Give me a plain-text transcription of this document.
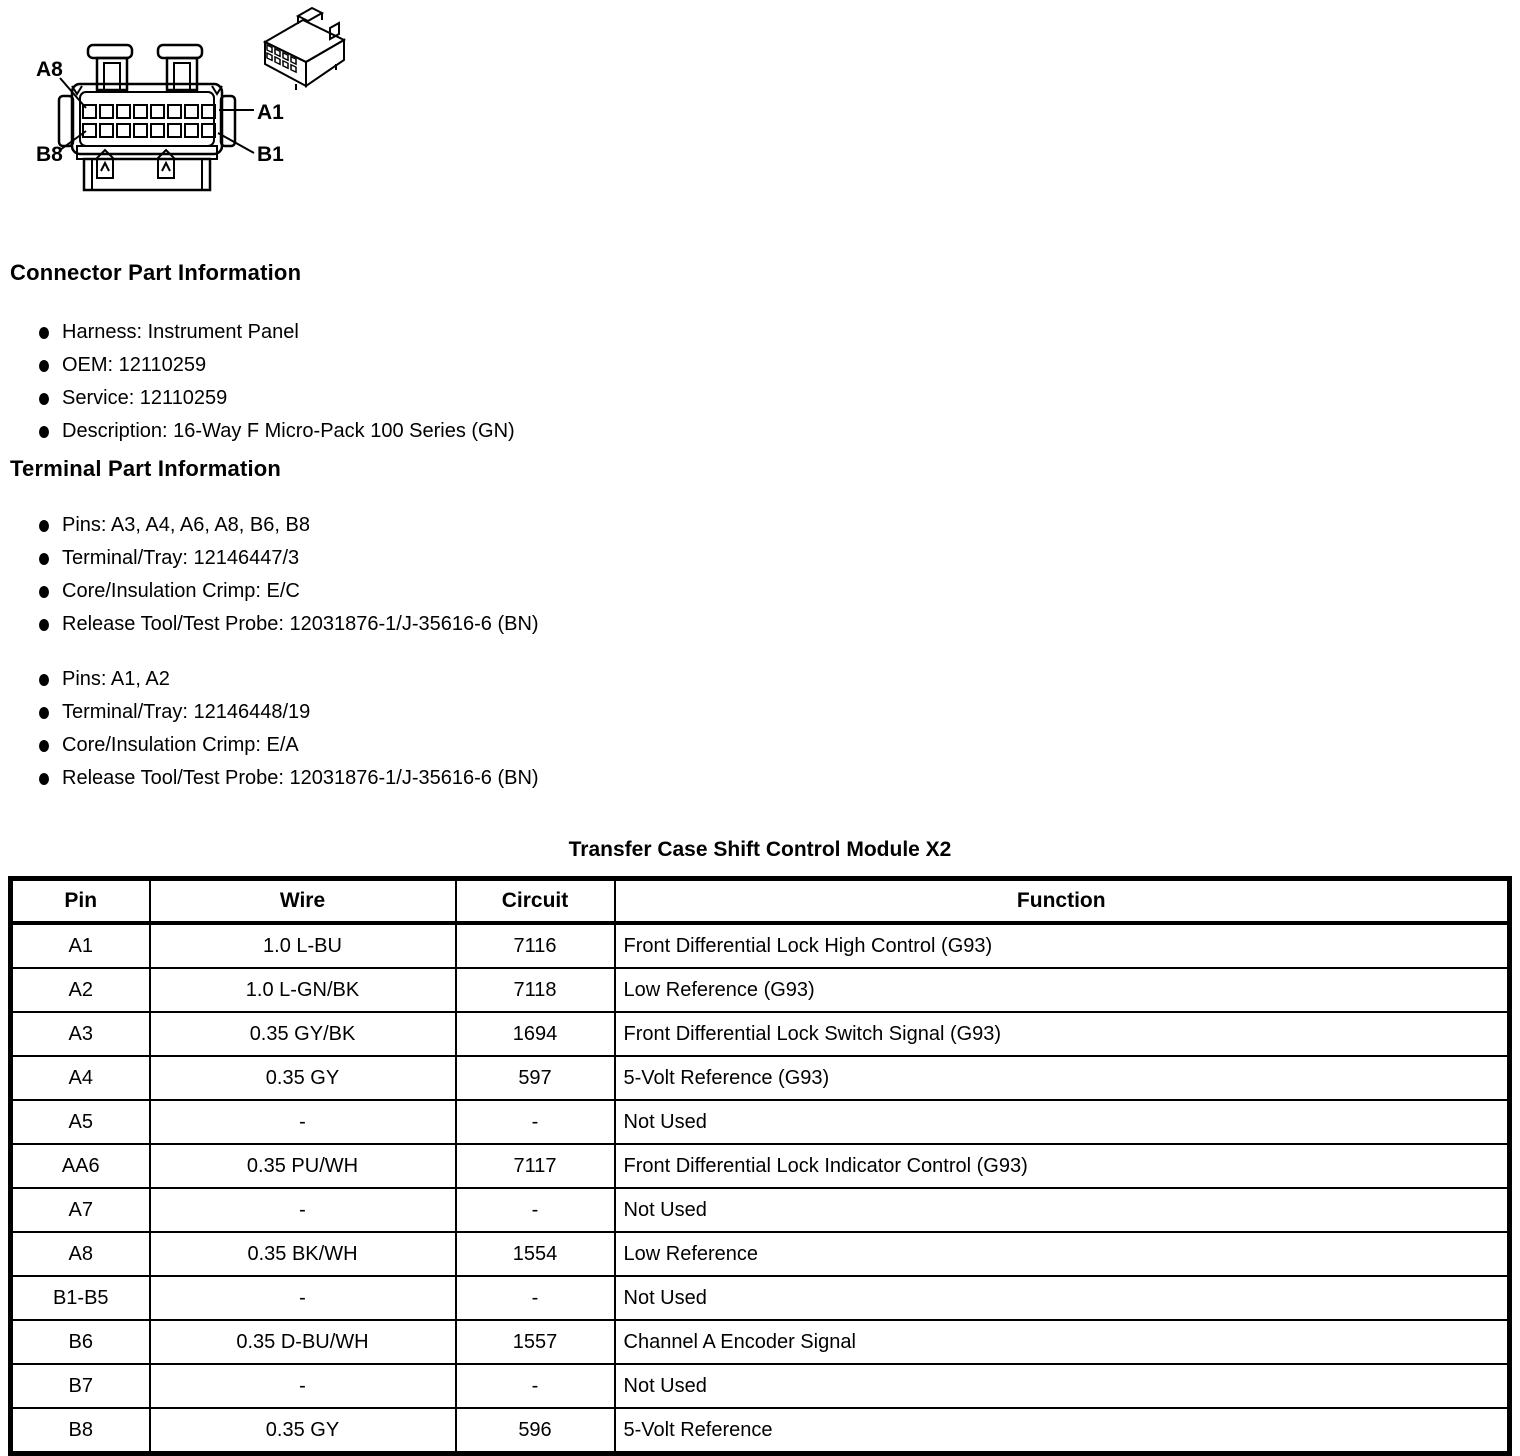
A8
A1
B8	B1
Connector Part Information
Harness: Instrument Panel
OEM: 12110259
Service: 12110259
Description: 16-Way F Micro-Pack 100 Series (GN)
Terminal Part Information
Pins: A3, A4, A6, A8, B6, B8
Terminal/Tray: 12146447/3
Core/Insulation Crimp: E/C
Release Tool/Test Probe: 12031876-1/J-35616-6 (BN)
Pins: A1, A2
Terminal/Tray: 12146448/19
Core/Insulation Crimp: E/A
Release Tool/Test Probe: 12031876-1/J-35616-6 (BN)
Transfer Case Shift Control Module X2
Pin	Wire	Circuit	Function
A1	1.0 L-BU	7116	Front Differential Lock High Control (G93)
A2	1.0 L-GN/BK	7118	Low Reference (G93)
A3	0.35 GY/BK	1694	Front Differential Lock Switch Signal (G93)
A4	0.35 GY	597	5-Volt Reference (G93)
A5	-	-	Not Used
AA6	0.35 PU/WH	7117	Front Differential Lock Indicator Control (G93)
A7	-	-	Not Used
A8	0.35 BK/WH	1554	Low Reference
B1-B5	-	-	Not Used
B6	0.35 D-BU/WH	1557	Channel A Encoder Signal
B7	-	-	Not Used
B8	0.35 GY	596	5-Volt Reference
